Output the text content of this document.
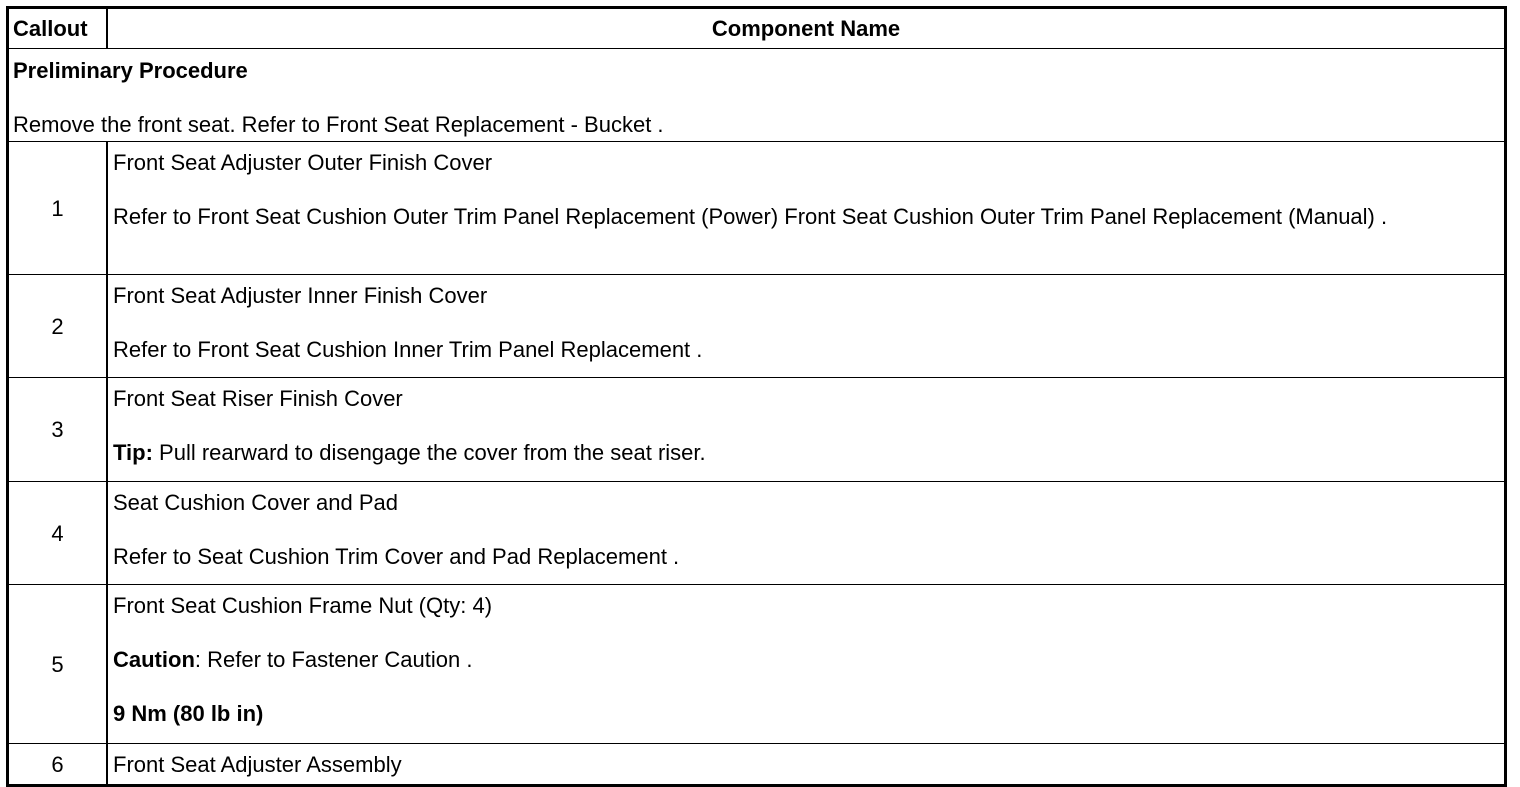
Callout	Component Name

Preliminary Procedure

Remove the front seat. Refer to Front Seat Replacement - Bucket .	

1	Front Seat Adjuster Outer Finish Cover

Refer to Front Seat Cushion Outer Trim Panel Replacement (Power) Front Seat Cushion Outer Trim Panel Replacement (Manual) .

2	Front Seat Adjuster Inner Finish Cover

Refer to Front Seat Cushion Inner Trim Panel Replacement .

3	Front Seat Riser Finish Cover

Tip: Pull rearward to disengage the cover from the seat riser.

4	Seat Cushion Cover and Pad

Refer to Seat Cushion Trim Cover and Pad Replacement .

5	Front Seat Cushion Frame Nut (Qty: 4)

Caution: Refer to Fastener Caution .

9 Nm (80 lb in)

6	Front Seat Adjuster Assembly
